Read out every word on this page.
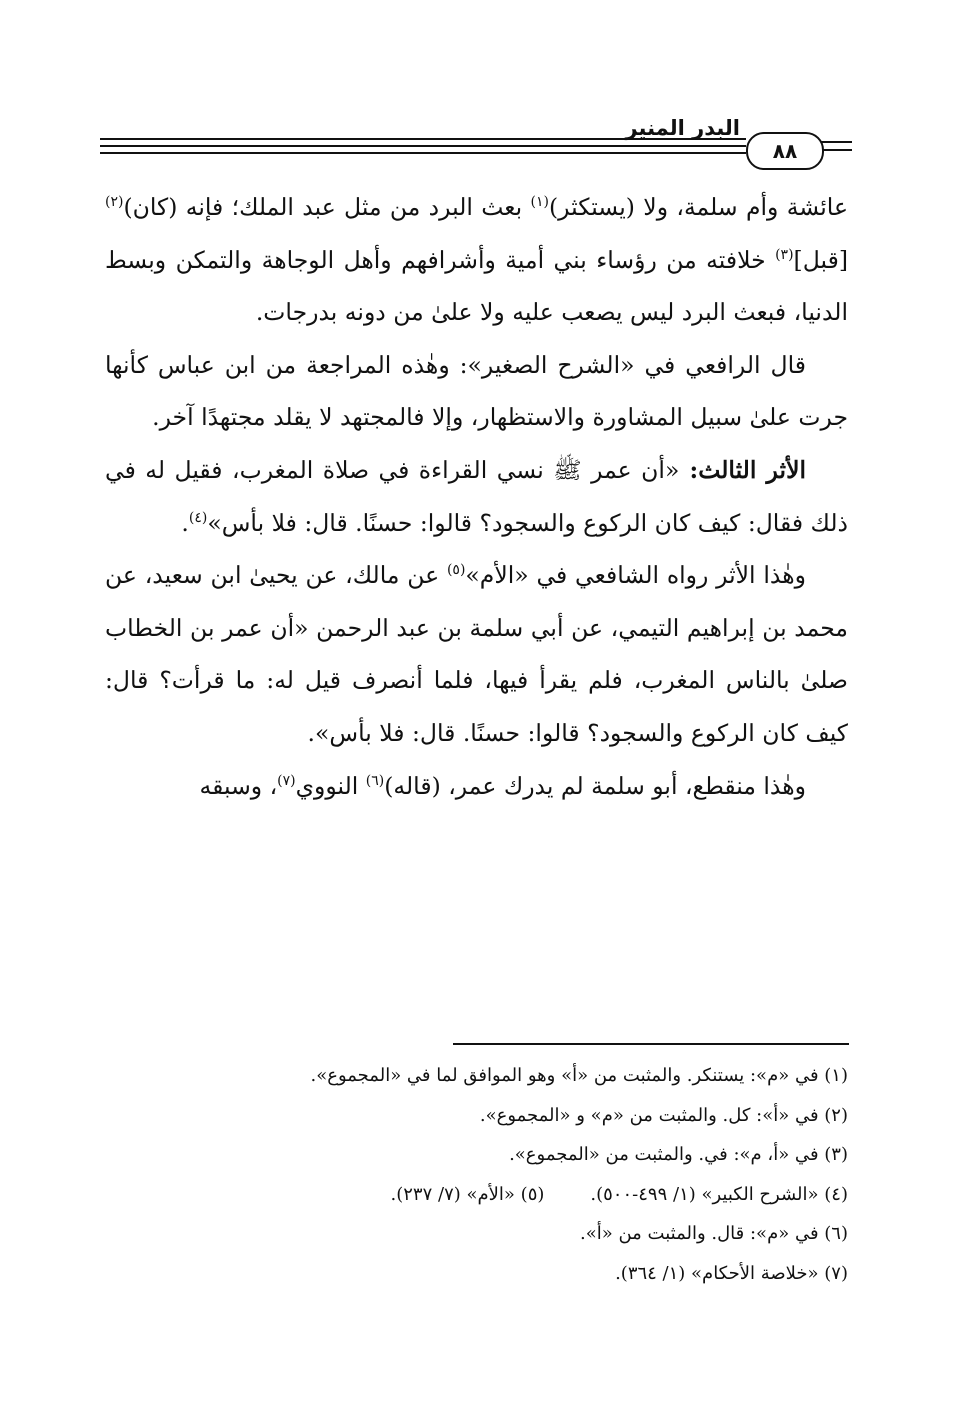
البدر المنير
٨٨

عائشة وأم سلمة، ولا (يستكثر)$^{(١)}$ بعث البرد من مثل عبد الملك؛ فإنه (كان)$^{(٢)}$ [قبل]$^{(٣)}$ خلافته من رؤساء بني أمية وأشرافهم وأهل الوجاهة والتمكن وبسط الدنيا، فبعث البرد ليس يصعب عليه ولا علىٰ من دونه بدرجات.

قال الرافعي في «الشرح الصغير»: وهٰذه المراجعة من ابن عباس كأنها جرت علىٰ سبيل المشاورة والاستظهار، وإلا فالمجتهد لا يقلد مجتهدًا آخر.

الأثر الثالث: «أن عمر ﷺ نسي القراءة في صلاة المغرب، فقيل له في ذلك فقال: كيف كان الركوع والسجود؟ قالوا: حسنًا. قال: فلا بأس»$^{(٤)}$.

وهٰذا الأثر رواه الشافعي في «الأم»$^{(٥)}$ عن مالك، عن يحيىٰ ابن سعيد، عن محمد بن إبراهيم التيمي، عن أبي سلمة بن عبد الرحمن «أن عمر بن الخطاب صلىٰ بالناس المغرب، فلم يقرأ فيها، فلما أنصرف قيل له: ما قرأت؟ قال: كيف كان الركوع والسجود؟ قالوا: حسنًا. قال: فلا بأس».

وهٰذا منقطع، أبو سلمة لم يدرك عمر، (قاله)$^{(٦)}$ النووي$^{(٧)}$، وسبقه

(١) في «م»: يستنكر. والمثبت من «أ» وهو الموافق لما في «المجموع».
(٢) في «أ»: كل. والمثبت من «م» و «المجموع».
(٣) في «أ، م»: في. والمثبت من «المجموع».
(٤) «الشرح الكبير» (١/ ٤٩٩-٥٠٠).(٥) «الأم» (٧/ ٢٣٧).
(٦) في «م»: قال. والمثبت من «أ».
(٧) «خلاصة الأحكام» (١/ ٣٦٤).
